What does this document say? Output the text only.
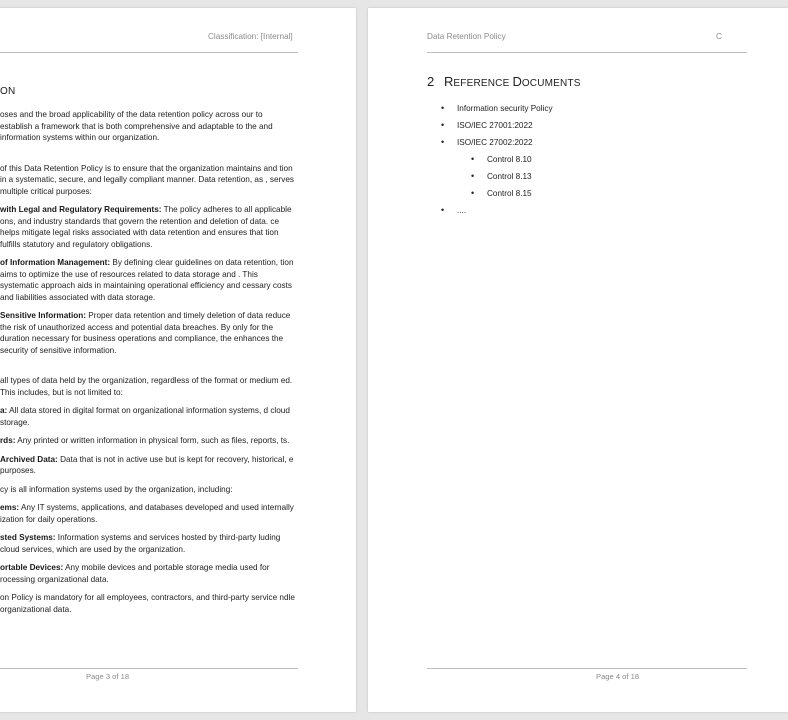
Classification: [Internal]
ON

oses and the broad applicability of the data retention policy across our to establish a framework that is both comprehensive and adaptable to the and information systems within our organization.

of this Data Retention Policy is to ensure that the organization maintains and tion in a systematic, secure, and legally compliant manner. Data retention, as , serves multiple critical purposes:

with Legal and Regulatory Requirements: The policy adheres to all applicable ons, and industry standards that govern the retention and deletion of data. ce helps mitigate legal risks associated with data retention and ensures that tion fulfills statutory and regulatory obligations.

of Information Management: By defining clear guidelines on data retention, tion aims to optimize the use of resources related to data storage and . This systematic approach aids in maintaining operational efficiency and cessary costs and liabilities associated with data storage.

Sensitive Information: Proper data retention and timely deletion of data reduce the risk of unauthorized access and potential data breaches. By only for the duration necessary for business operations and compliance, the enhances the security of sensitive information.

all types of data held by the organization, regardless of the format or medium ed. This includes, but is not limited to:

a: All data stored in digital format on organizational information systems, d cloud storage.

rds: Any printed or written information in physical form, such as files, reports, ts.

Archived Data: Data that is not in active use but is kept for recovery, historical, e purposes.

cy is all information systems used by the organization, including:

ems: Any IT systems, applications, and databases developed and used internally ization for daily operations.

sted Systems: Information systems and services hosted by third-party luding cloud services, which are used by the organization.

ortable Devices: Any mobile devices and portable storage media used for rocessing organizational data.

on Policy is mandatory for all employees, contractors, and third-party service ndle organizational data.

Page 3 of 18
Data Retention Policy	C
2 REFERENCE DOCUMENTS
• Information security Policy
• ISO/IEC 27001:2022
• ISO/IEC 27002:2022
• Control 8.10
• Control 8.13
• Control 8.15
• ....
Page 4 of 18
